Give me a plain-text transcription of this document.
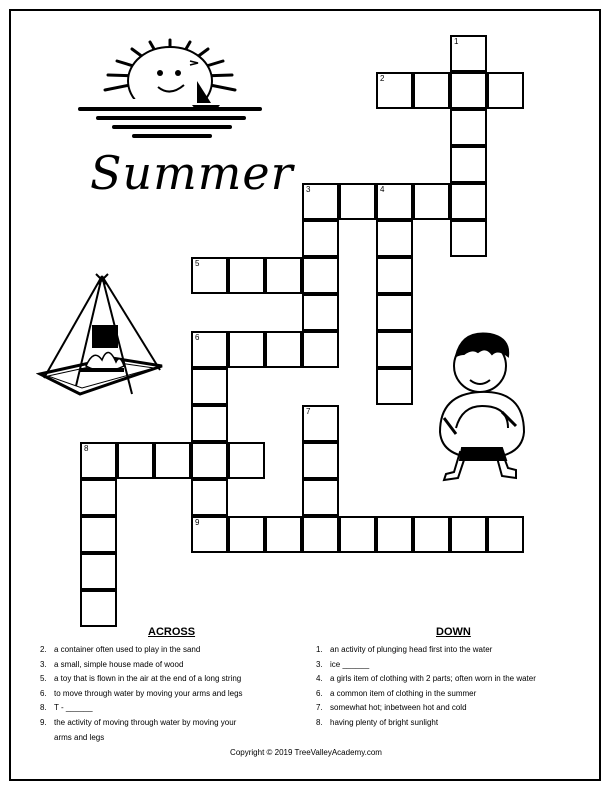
Summer
1
2
3	4
5
6
7
8
9
ACROSS	DOWN
2. a container often used to play in the sand
3. a small, simple house made of wood
5. a toy that is flown in the air at the end of a long string
6. to move through water by moving your arms and legs
8. T - ______
9. the activity of moving through water by moving your
arms and legs
1. an activity of plunging head first into the water
3. ice ______
4. a girls item of clothing with 2 parts; often worn in the water
6. a common item of clothing in the summer
7. somewhat hot; inbetween hot and cold
8. having plenty of bright sunlight
Copyright © 2019 TreeValleyAcademy.com
